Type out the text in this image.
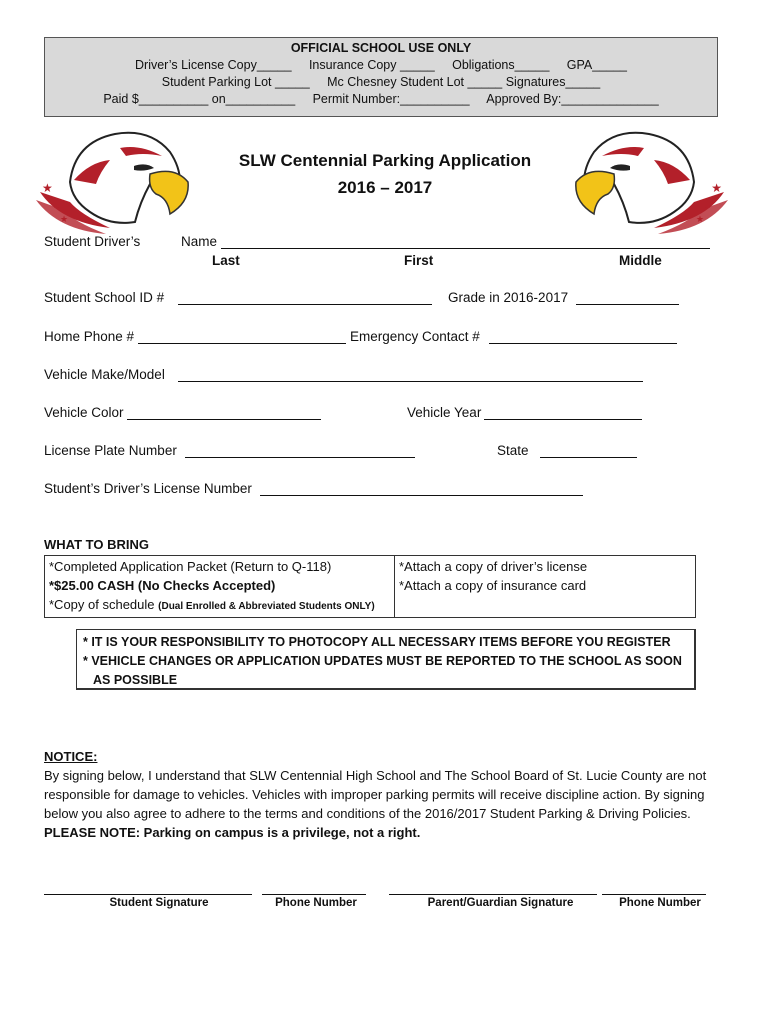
OFFICIAL SCHOOL USE ONLY
Driver’s License Copy_____     Insurance Copy _____     Obligations_____     GPA_____
Student Parking Lot _____     Mc Chesney Student Lot _____ Signatures_____
Paid $__________ on__________     Permit Number:__________     Approved By:______________
★
★
★
★
★
★
SLW Centennial Parking Application
2016 – 2017
Student Driver’s	Name
Last	First	Middle
Student School ID #	Grade in 2016-2017
Home Phone #	Emergency Contact #
Vehicle Make/Model
Vehicle Color	Vehicle Year
License Plate Number	State
Student’s Driver’s License Number
WHAT TO BRING
*Completed Application Packet (Return to Q-118)
*$25.00 CASH (No Checks Accepted)
*Copy of schedule (Dual Enrolled & Abbreviated Students ONLY)

*Attach a copy of driver’s license
*Attach a copy of insurance card
* IT IS YOUR RESPONSIBILITY TO PHOTOCOPY ALL NECESSARY ITEMS BEFORE YOU REGISTER
* VEHICLE CHANGES OR APPLICATION UPDATES MUST BE REPORTED TO THE SCHOOL AS SOON
AS POSSIBLE
NOTICE:
By signing below, I understand that SLW Centennial High School and The School Board of St. Lucie County are not responsible for damage to vehicles. Vehicles with improper parking permits will receive discipline action. By signing below you also agree to adhere to the terms and conditions of the 2016/2017 Student Parking & Driving Policies. PLEASE NOTE: Parking on campus is a privilege, not a right.
Student Signature	Phone Number	Parent/Guardian Signature	Phone Number
